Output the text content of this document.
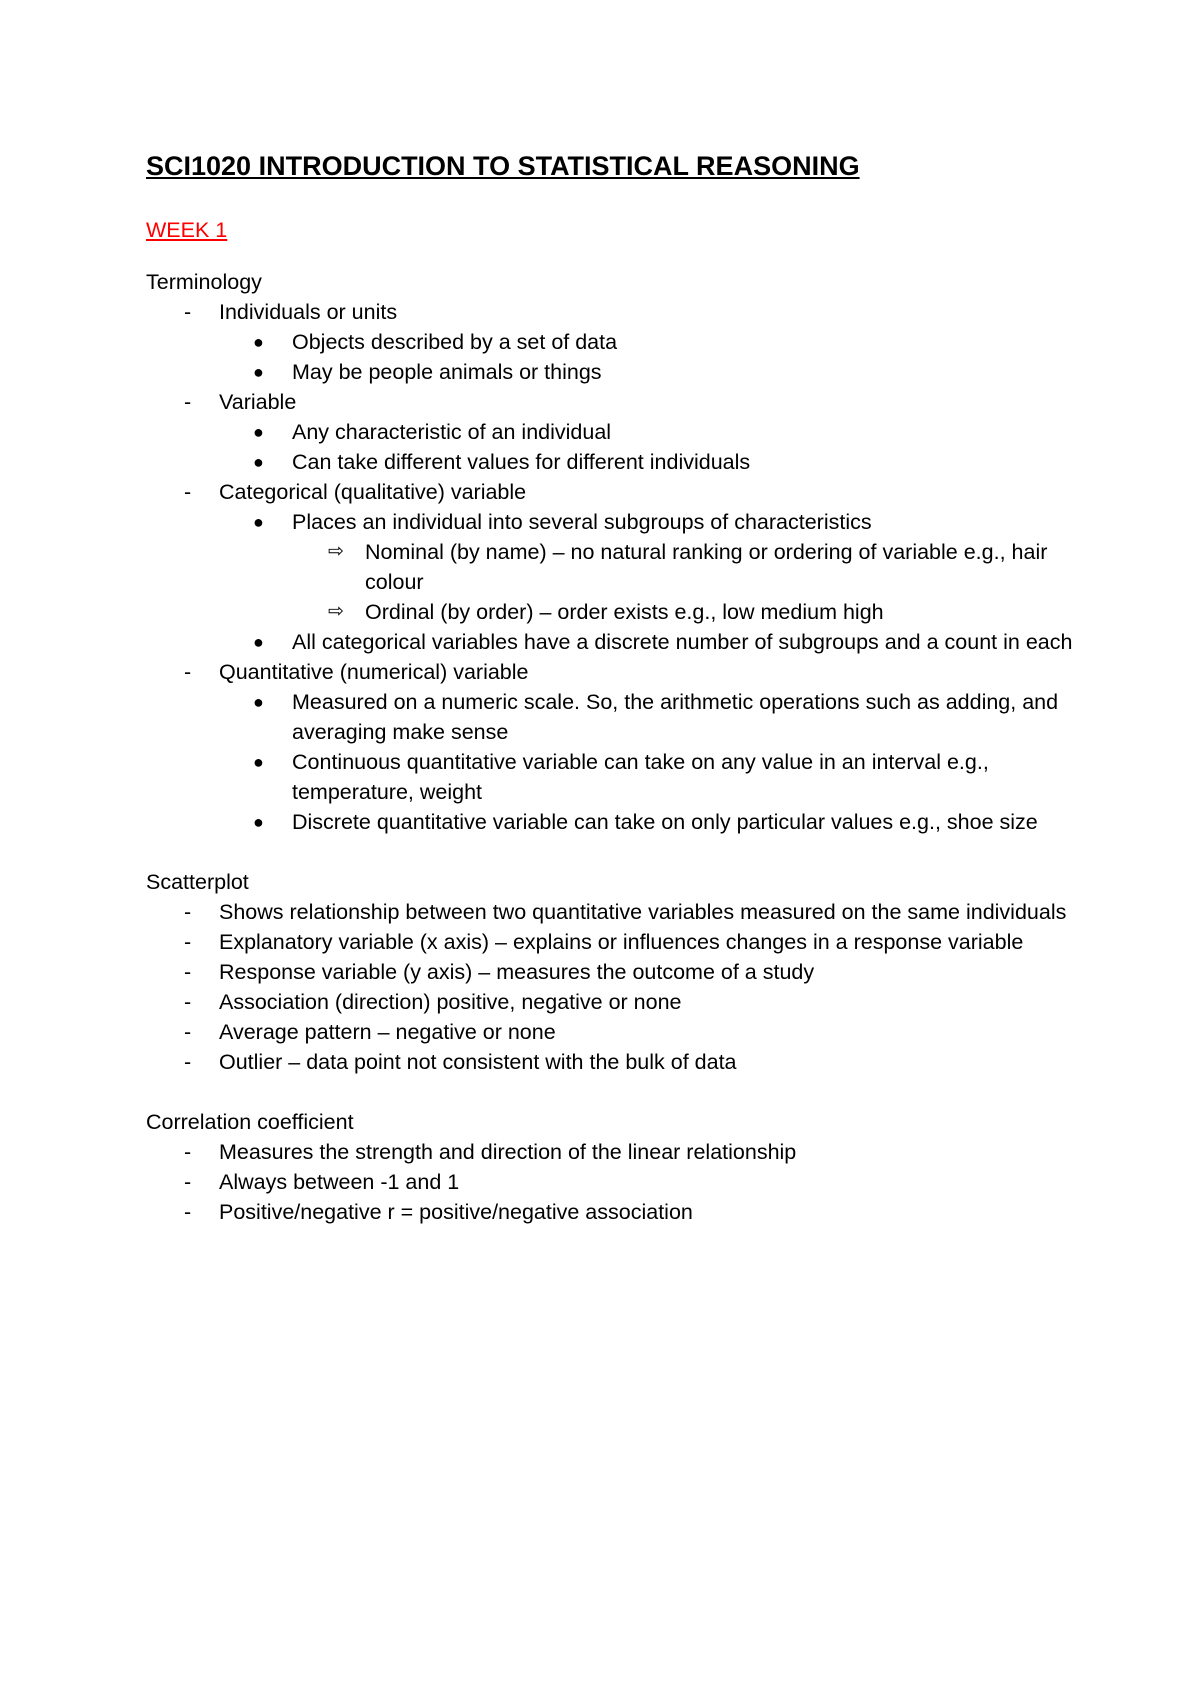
SCI1020 INTRODUCTION TO STATISTICAL REASONING
WEEK 1
Terminology
- Individuals or units
● Objects described by a set of data
● May be people animals or things
- Variable
● Any characteristic of an individual
● Can take different values for different individuals
- Categorical (qualitative) variable
● Places an individual into several subgroups of characteristics
⇨ Nominal (by name) – no natural ranking or ordering of variable e.g., hair colour
⇨ Ordinal (by order) – order exists e.g., low medium high
● All categorical variables have a discrete number of subgroups and a count in each
- Quantitative (numerical) variable
● Measured on a numeric scale. So, the arithmetic operations such as adding, and averaging make sense
● Continuous quantitative variable can take on any value in an interval e.g., temperature, weight
● Discrete quantitative variable can take on only particular values e.g., shoe size
Scatterplot
- Shows relationship between two quantitative variables measured on the same individuals
- Explanatory variable (x axis) – explains or influences changes in a response variable
- Response variable (y axis) – measures the outcome of a study
- Association (direction) positive, negative or none
- Average pattern – negative or none
- Outlier – data point not consistent with the bulk of data
Correlation coefficient
- Measures the strength and direction of the linear relationship
- Always between -1 and 1
- Positive/negative r = positive/negative association
